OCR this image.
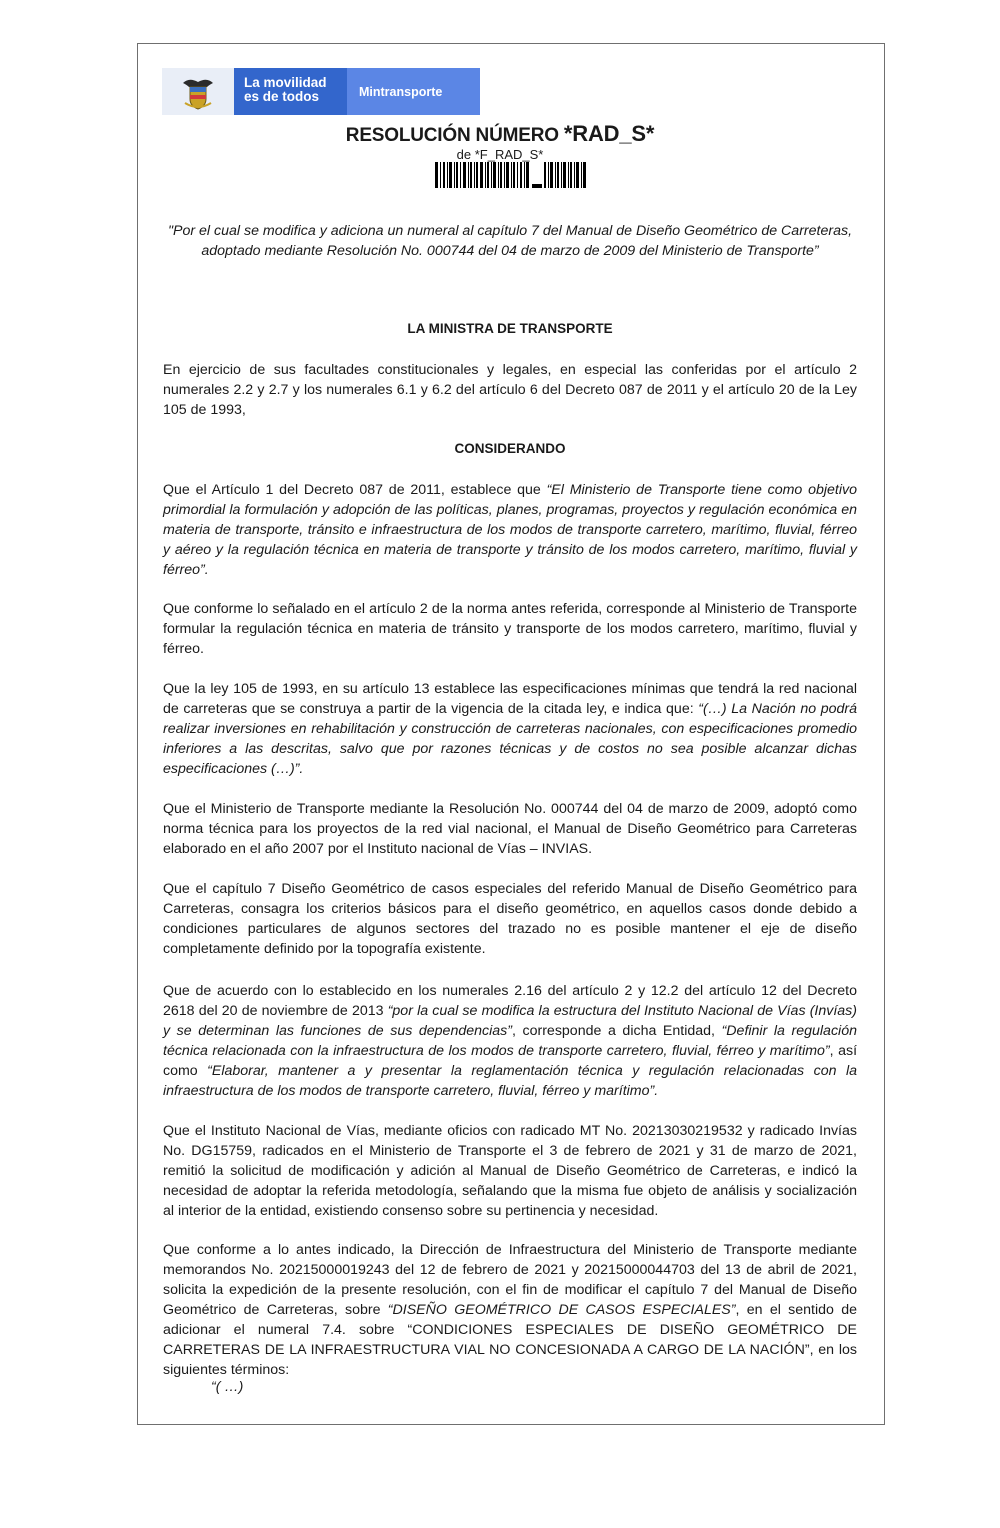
La movilidad
es de todos	Mintransporte
RESOLUCIÓN NÚMERO *RAD_S*
de *F_RAD_S*

"Por el cual se modifica y adiciona un numeral al capítulo 7 del Manual de Diseño Geométrico de Carreteras, adoptado mediante Resolución No. 000744 del 04 de marzo de 2009 del Ministerio de Transporte”

LA MINISTRA DE TRANSPORTE

En ejercicio de sus facultades constitucionales y legales, en especial las conferidas por el artículo 2 numerales 2.2 y 2.7 y los numerales 6.1 y 6.2 del artículo 6 del Decreto 087 de 2011 y el artículo 20 de la Ley 105 de 1993,

CONSIDERANDO

Que el Artículo 1 del Decreto 087 de 2011, establece que “El Ministerio de Transporte tiene como objetivo primordial la formulación y adopción de las políticas, planes, programas, proyectos y regulación económica en materia de transporte, tránsito e infraestructura de los modos de transporte carretero, marítimo, fluvial, férreo y aéreo y la regulación técnica en materia de transporte y tránsito de los modos carretero, marítimo, fluvial y férreo”.

Que conforme lo señalado en el artículo 2 de la norma antes referida, corresponde al Ministerio de Transporte formular la regulación técnica en materia de tránsito y transporte de los modos carretero, marítimo, fluvial y férreo.

Que la ley 105 de 1993, en su artículo 13 establece las especificaciones mínimas que tendrá la red nacional de carreteras que se construya a partir de la vigencia de la citada ley, e indica que: “(…) La Nación no podrá realizar inversiones en rehabilitación y construcción de carreteras nacionales, con especificaciones promedio inferiores a las descritas, salvo que por razones técnicas y de costos no sea posible alcanzar dichas especificaciones (…)”.

Que el Ministerio de Transporte mediante la Resolución No. 000744 del 04 de marzo de 2009, adoptó como norma técnica para los proyectos de la red vial nacional, el Manual de Diseño Geométrico para Carreteras elaborado en el año 2007 por el Instituto nacional de Vías – INVIAS.

Que el capítulo 7 Diseño Geométrico de casos especiales del referido Manual de Diseño Geométrico para Carreteras, consagra los criterios básicos para el diseño geométrico, en aquellos casos donde debido a condiciones particulares de algunos sectores del trazado no es posible mantener el eje de diseño completamente definido por la topografía existente.

Que de acuerdo con lo establecido en los numerales 2.16 del artículo 2 y 12.2 del artículo 12 del Decreto 2618 del 20 de noviembre de 2013 “por la cual se modifica la estructura del Instituto Nacional de Vías (Invías) y se determinan las funciones de sus dependencias”, corresponde a dicha Entidad, “Definir la regulación técnica relacionada con la infraestructura de los modos de transporte carretero, fluvial, férreo y marítimo”, así como “Elaborar, mantener a y presentar la reglamentación técnica y regulación relacionadas con la infraestructura de los modos de transporte carretero, fluvial, férreo y marítimo”.

Que el Instituto Nacional de Vías, mediante oficios con radicado MT No. 20213030219532 y radicado Invías No. DG15759, radicados en el Ministerio de Transporte el 3 de febrero de 2021 y 31 de marzo de 2021, remitió la solicitud de modificación y adición al Manual de Diseño Geométrico de Carreteras, e indicó la necesidad de adoptar la referida metodología, señalando que la misma fue objeto de análisis y socialización al interior de la entidad, existiendo consenso sobre su pertinencia y necesidad.

Que conforme a lo antes indicado, la Dirección de Infraestructura del Ministerio de Transporte mediante memorandos No. 20215000019243 del 12 de febrero de 2021 y 20215000044703 del 13 de abril de 2021, solicita la expedición de la presente resolución, con el fin de modificar el capítulo 7 del Manual de Diseño Geométrico de Carreteras, sobre “DISEÑO GEOMÉTRICO DE CASOS ESPECIALES”, en el sentido de adicionar el numeral 7.4. sobre “CONDICIONES ESPECIALES DE DISEÑO GEOMÉTRICO DE CARRETERAS DE LA INFRAESTRUCTURA VIAL NO CONCESIONADA A CARGO DE LA NACIÓN”, en los siguientes términos:

“( …)
